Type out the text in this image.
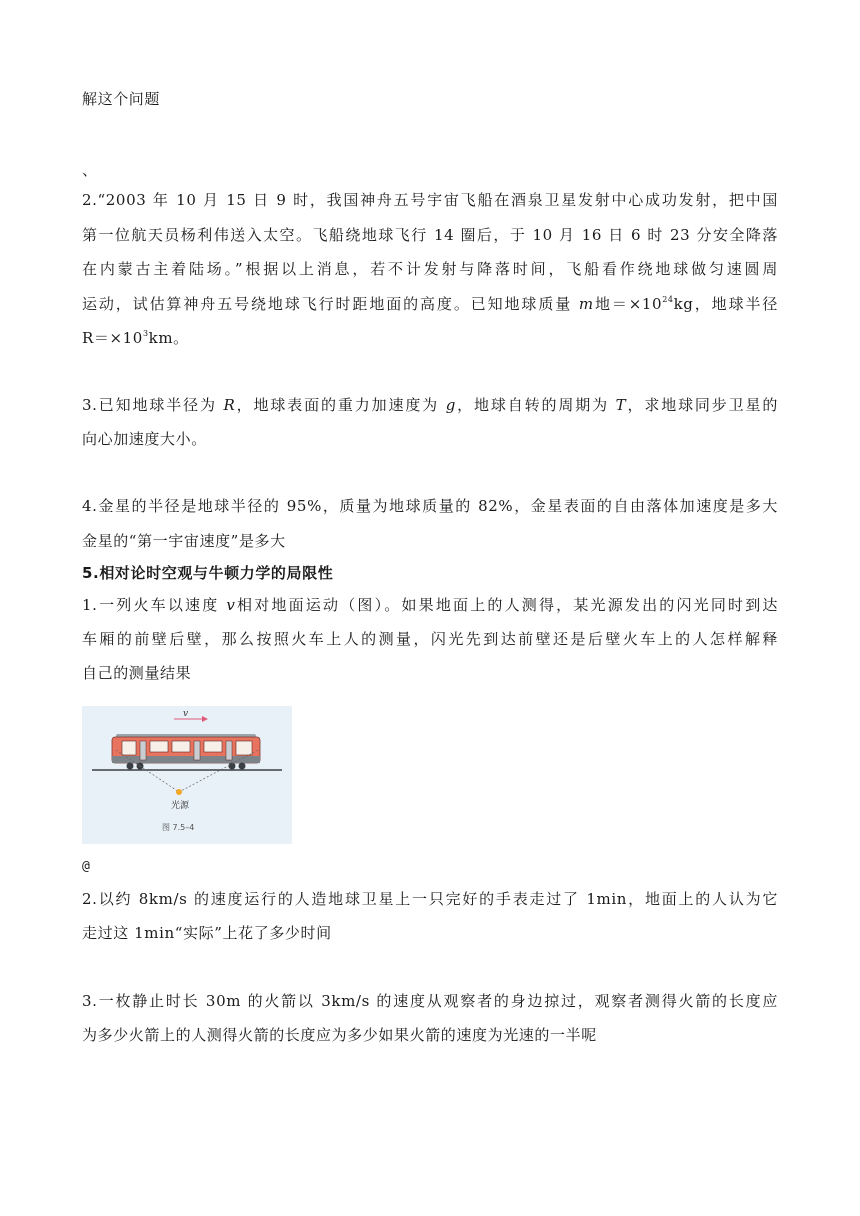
解这个问题
、
2.“2003 年 10 月 15 日 9 时，我国神舟五号宇宙飞船在酒泉卫星发射中心成功发射，把中国
第一位航天员杨利伟送入太空。飞船绕地球飞行 14 圈后，于 10 月 16 日 6 时 23 分安全降落
在内蒙古主着陆场。”根据以上消息，若不计发射与降落时间，飞船看作绕地球做匀速圆周
运动，试估算神舟五号绕地球飞行时距地面的高度。已知地球质量 m地$=\times 10^{24}kg$，地球半径
$R=\times 10^3km$。
3.已知地球半径为 R，地球表面的重力加速度为 g，地球自转的周期为 T，求地球同步卫星的
向心加速度大小。
4.金星的半径是地球半径的 95%，质量为地球质量的 82%，金星表面的自由落体加速度是多大
金星的“第一宇宙速度”是多大
5.相对论时空观与牛顿力学的局限性
1.一列火车以速度 v相对地面运动（图）。如果地面上的人测得，某光源发出的闪光同时到达
车厢的前壁后壁，那么按照火车上人的测量，闪光先到达前壁还是后壁火车上的人怎样解释
自己的测量结果
v
光源
图 7.5–4
@
2.以约 8km/s 的速度运行的人造地球卫星上一只完好的手表走过了 1min，地面上的人认为它
走过这 1min“实际”上花了多少时间
3.一枚静止时长 30m 的火箭以 3km/s 的速度从观察者的身边掠过，观察者测得火箭的长度应
为多少火箭上的人测得火箭的长度应为多少如果火箭的速度为光速的一半呢
